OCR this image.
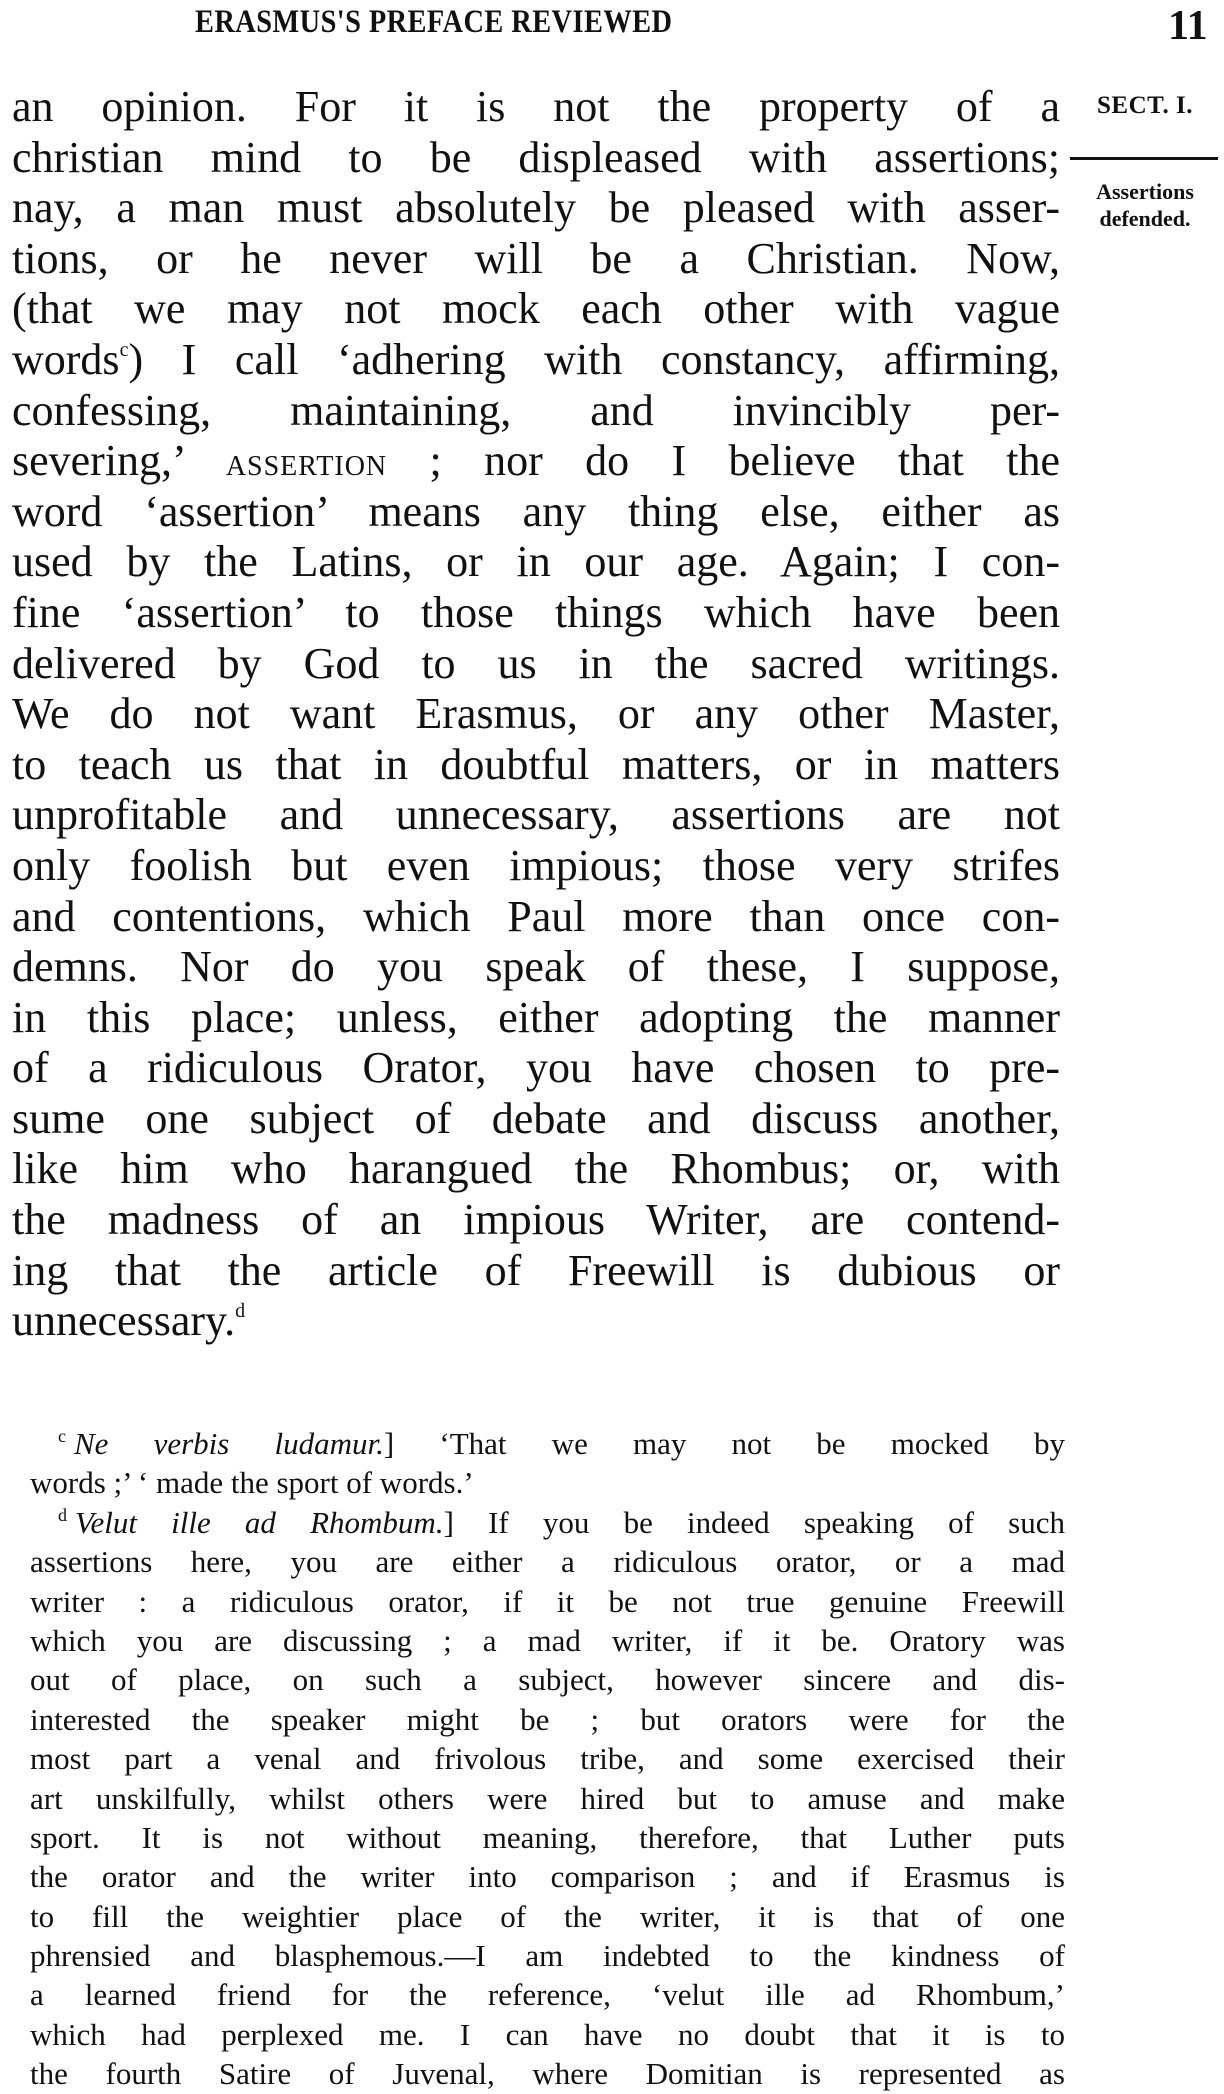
ERASMUS'S PREFACE REVIEWED	11
SECT. I.
Assertions
defended.
an opinion. For it is not the property of a
christian mind to be displeased with assertions;
nay, a man must absolutely be pleased with asser-
tions, or he never will be a Christian. Now,
(that we may not mock each other with vague
words$^c$) I call ‘adhering with constancy, affirming,
confessing, maintaining, and invincibly per-
severing,’ assertion ; nor do I believe that the
word ‘assertion’ means any thing else, either as
used by the Latins, or in our age. Again; I con-
fine ‘assertion’ to those things which have been
delivered by God to us in the sacred writings.
We do not want Erasmus, or any other Master,
to teach us that in doubtful matters, or in matters
unprofitable and unnecessary, assertions are not
only foolish but even impious; those very strifes
and contentions, which Paul more than once con-
demns. Nor do you speak of these, I suppose,
in this place; unless, either adopting the manner
of a ridiculous Orator, you have chosen to pre-
sume one subject of debate and discuss another,
like him who harangued the Rhombus; or, with
the madness of an impious Writer, are contend-
ing that the article of Freewill is dubious or
unnecessary.$^d$
$^c$ Ne verbis ludamur.] ‘That we may not be mocked by
words ;’ ‘ made the sport of words.’
$^d$ Velut ille ad Rhombum.] If you be indeed speaking of such
assertions here, you are either a ridiculous orator, or a mad
writer : a ridiculous orator, if it be not true genuine Freewill
which you are discussing ; a mad writer, if it be. Oratory was
out of place, on such a subject, however sincere and dis-
interested the speaker might be ; but orators were for the
most part a venal and frivolous tribe, and some exercised their
art unskilfully, whilst others were hired but to amuse and make
sport. It is not without meaning, therefore, that Luther puts
the orator and the writer into comparison ; and if Erasmus is
to fill the weightier place of the writer, it is that of one
phrensied and blasphemous.—I am indebted to the kindness of
a learned friend for the reference, ‘velut ille ad Rhombum,’
which had perplexed me. I can have no doubt that it is to
the fourth Satire of Juvenal, where Domitian is represented as
